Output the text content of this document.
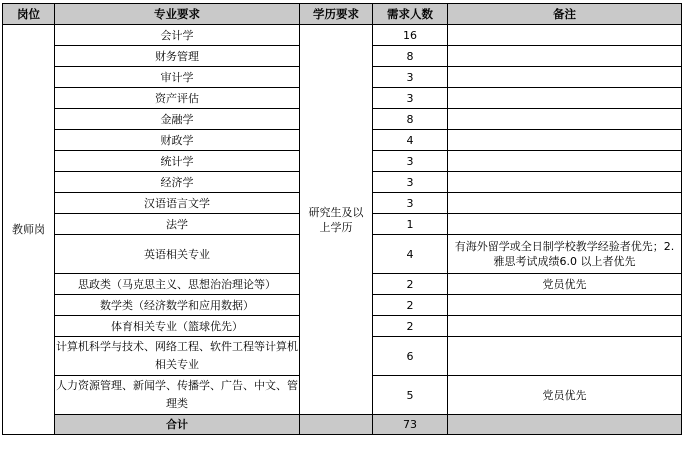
岗位	专业要求	学历要求	需求人数	备注
教师岗	会计学	研究生及以上学历	16	
	财务管理		8	
	审计学		3	
	资产评估		3	
	金融学		8	
	财政学		4	
	统计学		3	
	经济学		3	
	汉语语言文学		3	
	法学		1	
	英语相关专业		4	有海外留学或全日制学校教学经验者优先；2. 雅思考试成绩6.0 以上者优先
	思政类（马克思主义、思想治治理论等）		2	党员优先
	数学类（经济数学和应用数据）		2	
	体育相关专业（篮球优先）		2	
	计算机科学与技术、网络工程、软件工程等计算机相关专业		6	
	人力资源管理、新闻学、传播学、广告、中文、管理类		5	党员优先
	合计		73	
